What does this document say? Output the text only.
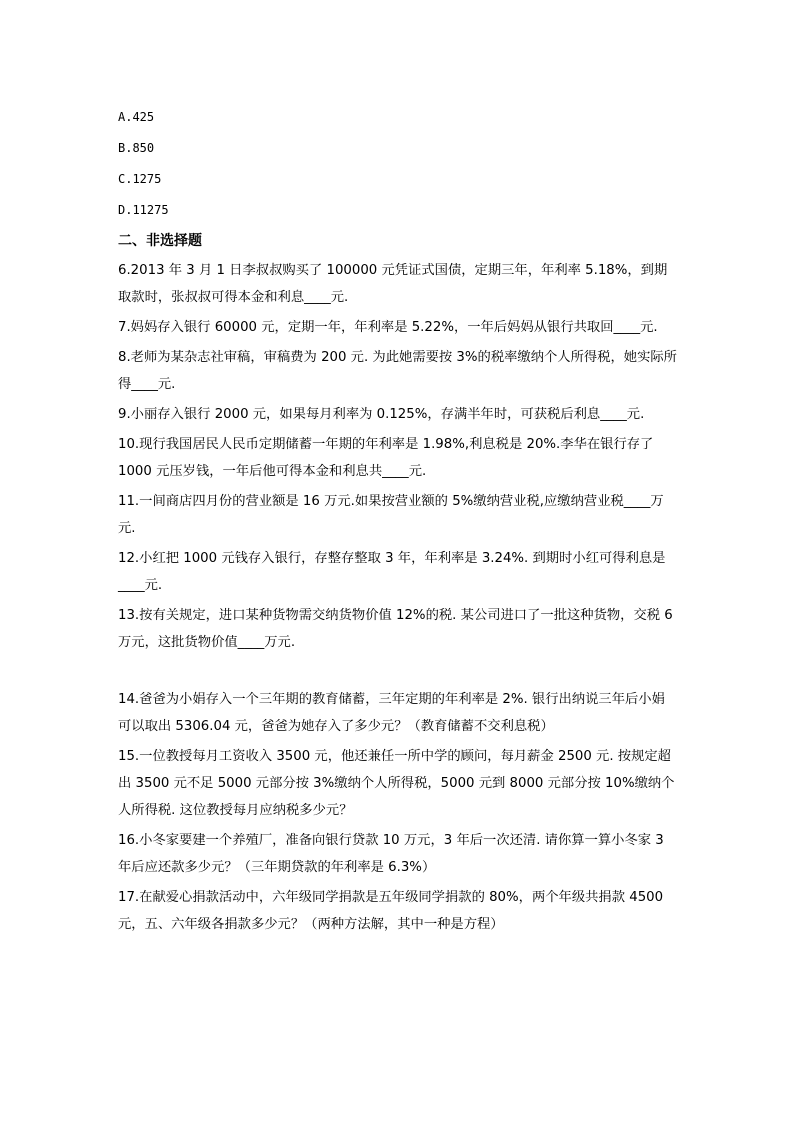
A.425
B.850
C.1275
D.11275
二、非选择题
6.2013 年 3 月 1 日李叔叔购买了 100000 元凭证式国债，定期三年，年利率 5.18%，到期取款时，张叔叔可得本金和利息____元.
7.妈妈存入银行 60000 元，定期一年，年利率是 5.22%，一年后妈妈从银行共取回____元.
8.老师为某杂志社审稿，审稿费为 200 元. 为此她需要按 3%的税率缴纳个人所得税，她实际所得____元.
9.小丽存入银行 2000 元，如果每月利率为 0.125%，存满半年时，可获税后利息____元.
10.现行我国居民人民币定期储蓄一年期的年利率是 1.98%,利息税是 20%.李华在银行存了 1000 元压岁钱，一年后他可得本金和利息共____元.
11.一间商店四月份的营业额是 16 万元.如果按营业额的 5%缴纳营业税,应缴纳营业税____万元.
12.小红把 1000 元钱存入银行，存整存整取 3 年，年利率是 3.24%. 到期时小红可得利息是____元.
13.按有关规定，进口某种货物需交纳货物价值 12%的税. 某公司进口了一批这种货物，交税 6 万元，这批货物价值____万元.
14.爸爸为小娟存入一个三年期的教育储蓄，三年定期的年利率是 2%. 银行出纳说三年后小娟可以取出 5306.04 元，爸爸为她存入了多少元？（教育储蓄不交利息税）
15.一位教授每月工资收入 3500 元，他还兼任一所中学的顾问，每月薪金 2500 元. 按规定超出 3500 元不足 5000 元部分按 3%缴纳个人所得税，5000 元到 8000 元部分按 10%缴纳个人所得税. 这位教授每月应纳税多少元？
16.小冬家要建一个养殖厂，准备向银行贷款 10 万元，3 年后一次还清. 请你算一算小冬家 3 年后应还款多少元？（三年期贷款的年利率是 6.3%）
17.在献爱心捐款活动中，六年级同学捐款是五年级同学捐款的 80%，两个年级共捐款 4500 元，五、六年级各捐款多少元？（两种方法解，其中一种是方程）
